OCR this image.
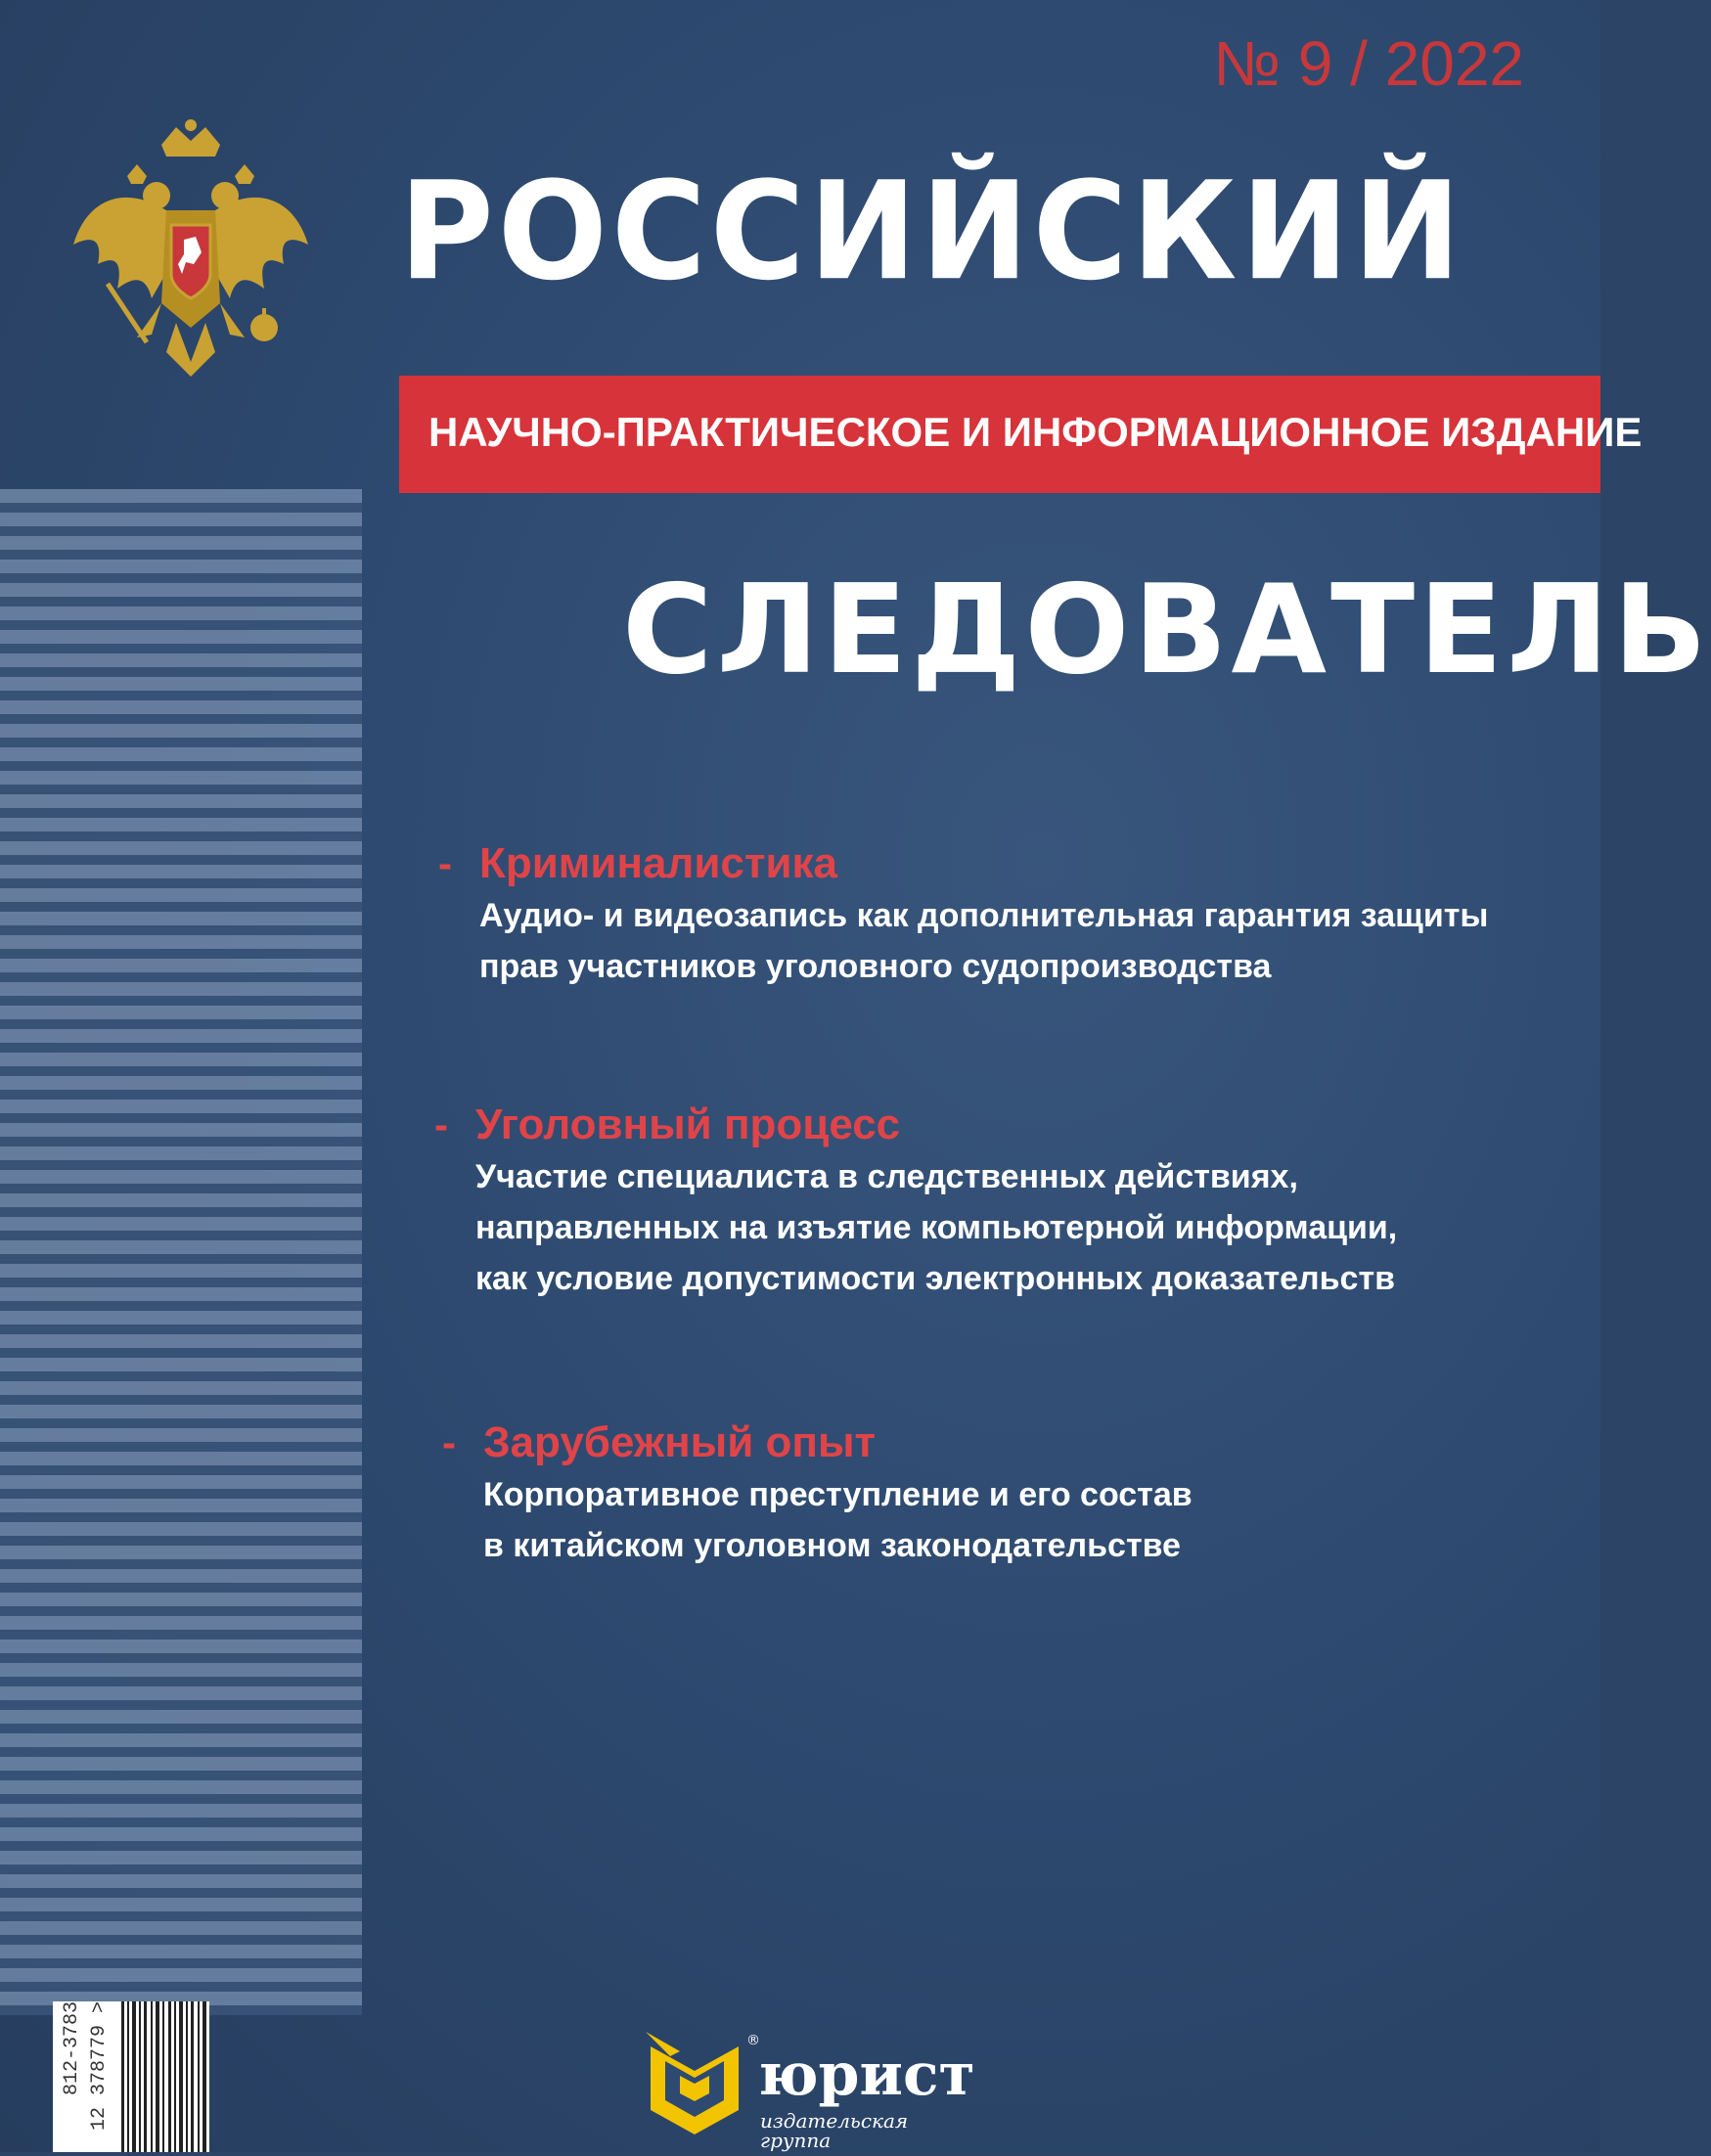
№ 9 / 2022
РОССИЙСКИЙ
НАУЧНО-ПРАКТИЧЕСКОЕ И ИНФОРМАЦИОННОЕ ИЗДАНИЕ
СЛЕДОВАТЕЛЬ
- Криминалистика
Аудио- и видеозапись как дополнительная гарантия защиты
прав участников уголовного судопроизводства
- Уголовный процесс
Участие специалиста в следственных действиях,
направленных на изъятие компьютерной информации,
как условие допустимости электронных доказательств
- Зарубежный опыт
Корпоративное преступление и его состав
в китайском уголовном законодательстве
812-3783 12 378779 >	®
юрист
издательская
группа
